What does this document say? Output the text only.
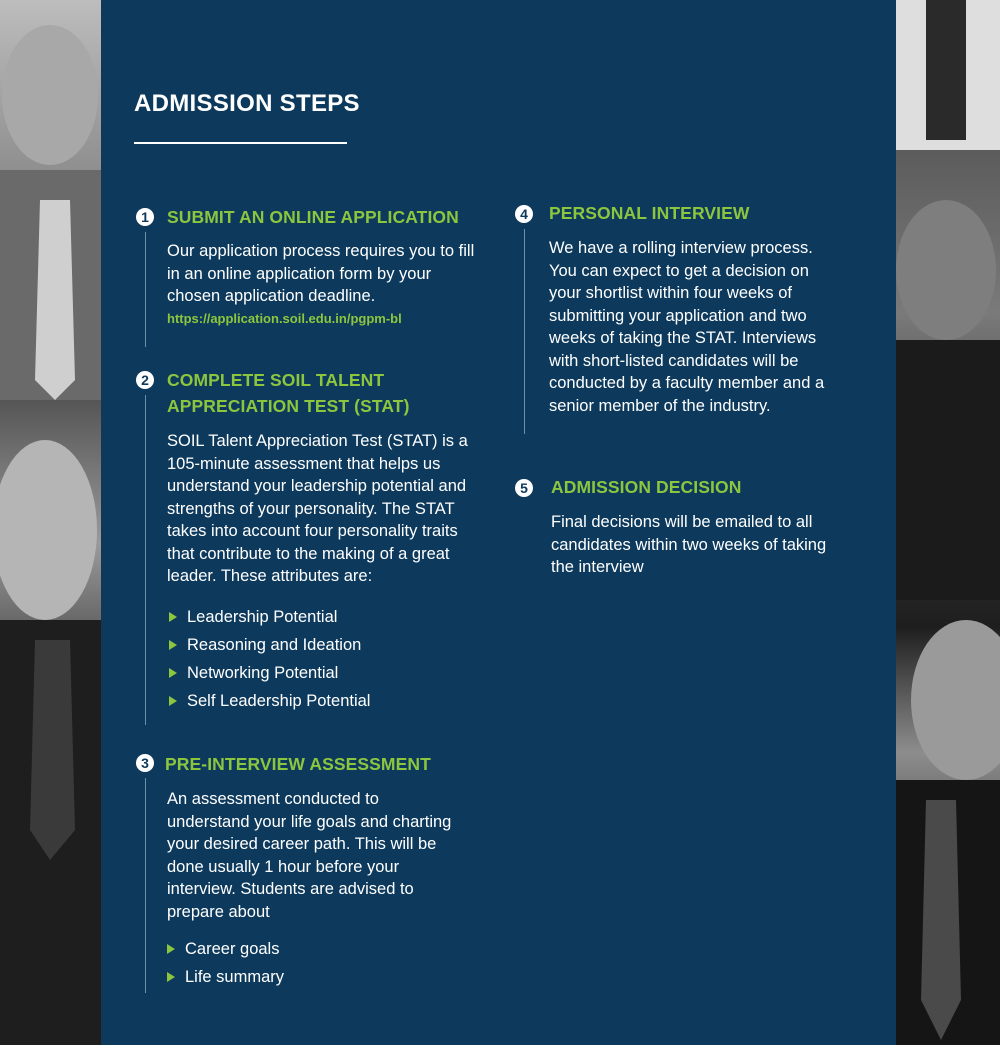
ADMISSION STEPS
1 SUBMIT AN ONLINE APPLICATION
Our application process requires you to fill in an online application form by your chosen application deadline.
https://application.soil.edu.in/pgpm-bl
2 COMPLETE SOIL TALENT APPRECIATION TEST (STAT)

SOIL Talent Appreciation Test (STAT) is a 105-minute assessment that helps us understand your leadership potential and strengths of your personality. The STAT takes into account four personality traits that contribute to the making of a great leader. These attributes are:

Leadership Potential
Reasoning and Ideation
Networking Potential
Self Leadership Potential
3 PRE-INTERVIEW ASSESSMENT

An assessment conducted to understand your life goals and charting your desired career path. This will be done usually 1 hour before your interview. Students are advised to prepare about

Career goals
Life summary
4 PERSONAL INTERVIEW

We have a rolling interview process. You can expect to get a decision on your shortlist within four weeks of submitting your application and two weeks of taking the STAT. Interviews with short-listed candidates will be conducted by a faculty member and a senior member of the industry.

5 ADMISSION DECISION

Final decisions will be emailed to all candidates within two weeks of taking the interview
